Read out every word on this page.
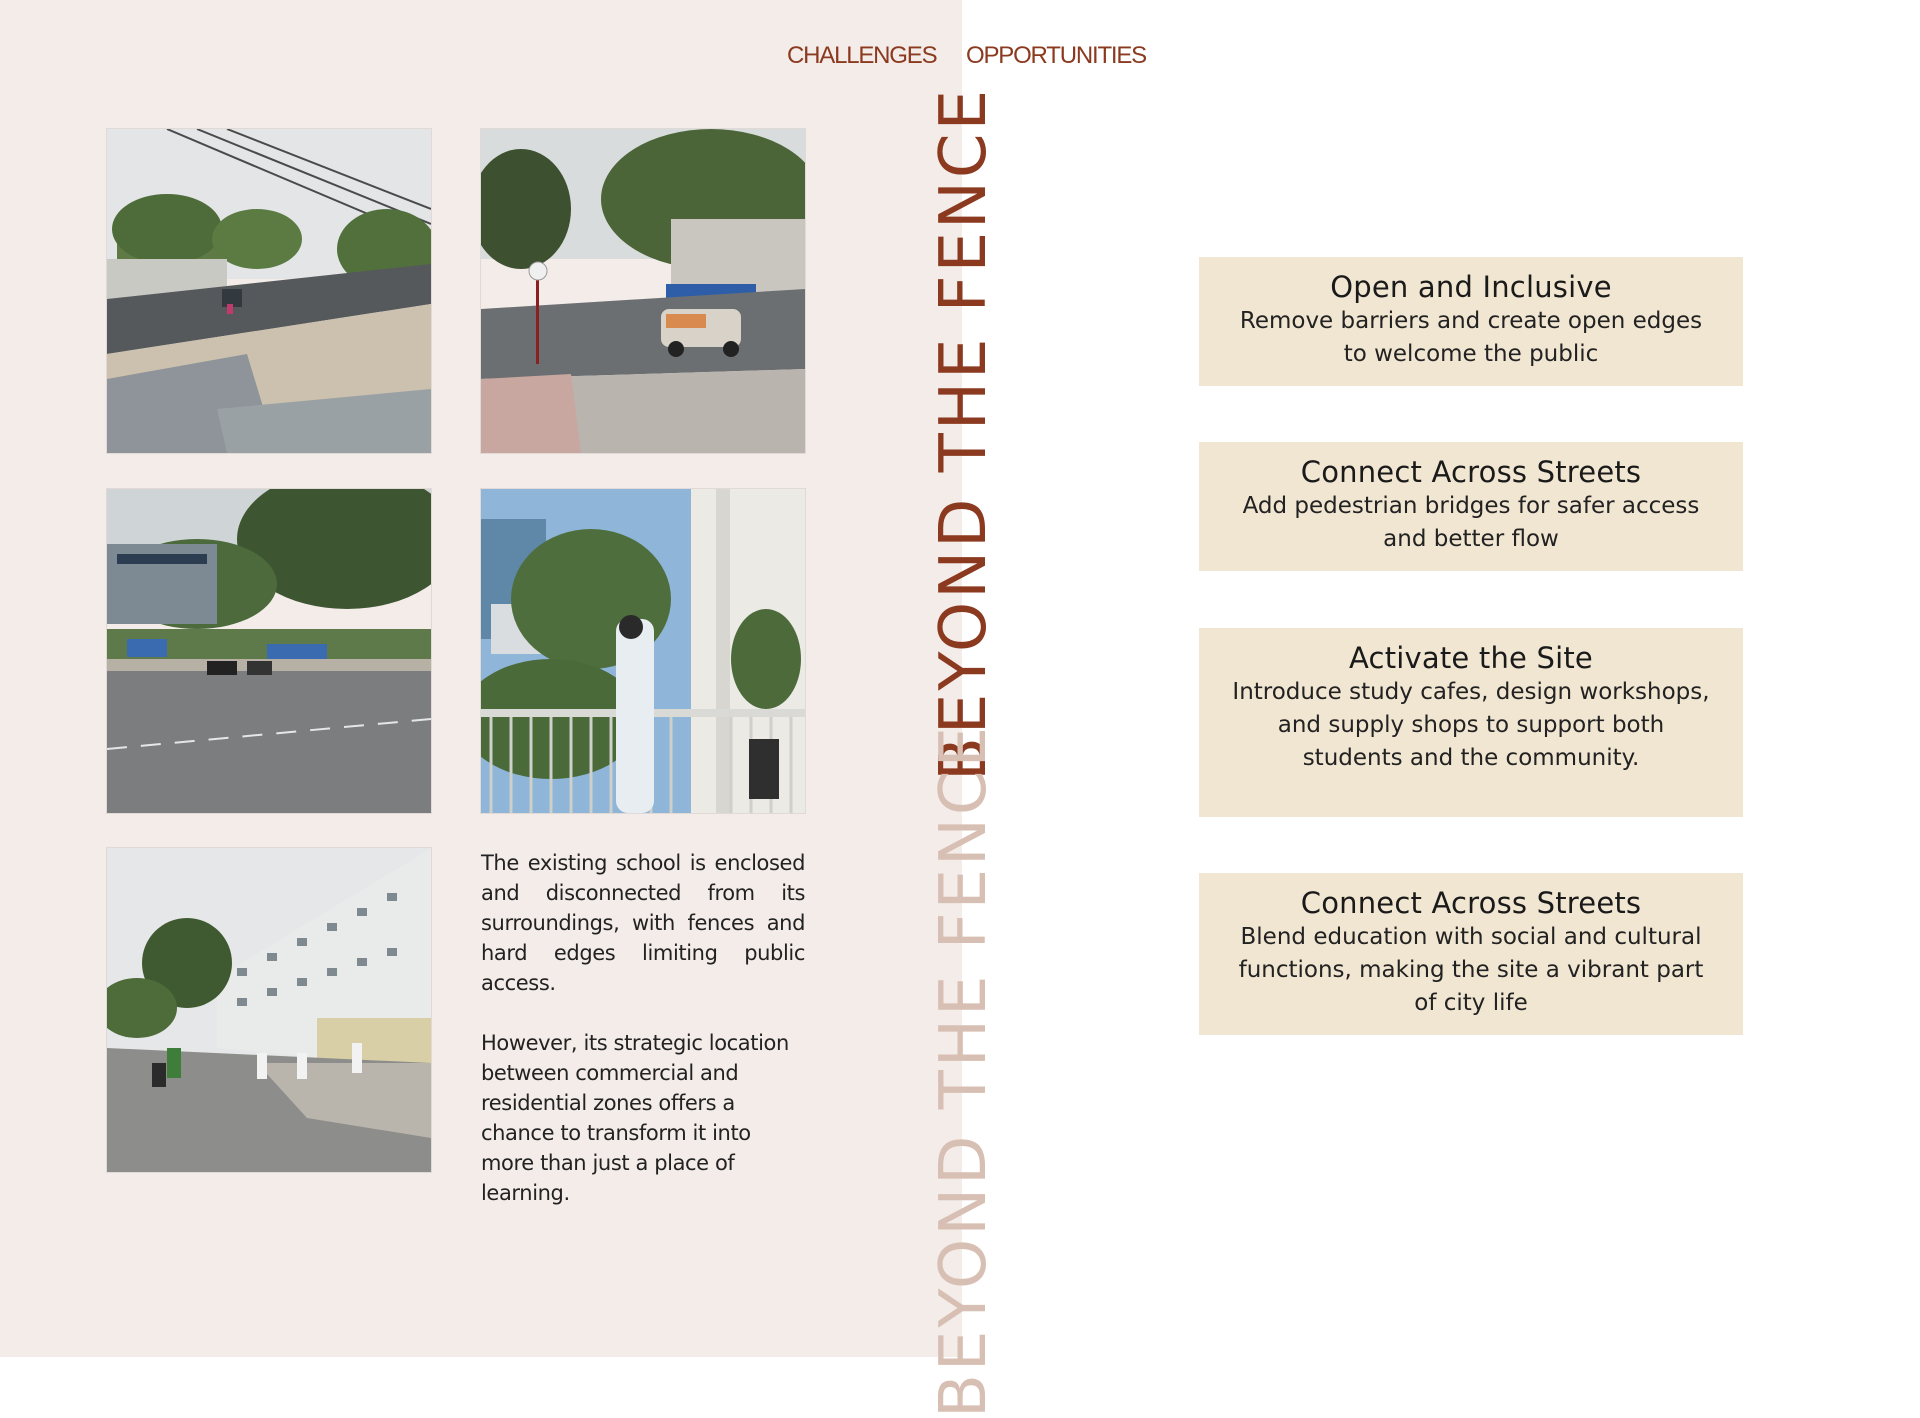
CHALLENGES OPPORTUNITIES
The existing school is enclosed and disconnected from its surroundings, with fences and hard edges limiting public access.
However, its strategic location between commercial and residential zones offers a chance to transform it into more than just a place of learning.
BEYOND THE FENCE
BEYOND THE FENCE
Open and Inclusive
Remove barriers and create open edges to welcome the public
Connect Across Streets
Add pedestrian bridges for safer access and better flow
Activate the Site
Introduce study cafes, design workshops, and supply shops to support both students and the community.
Connect Across Streets
Blend education with social and cultural functions, making the site a vibrant part of city life
